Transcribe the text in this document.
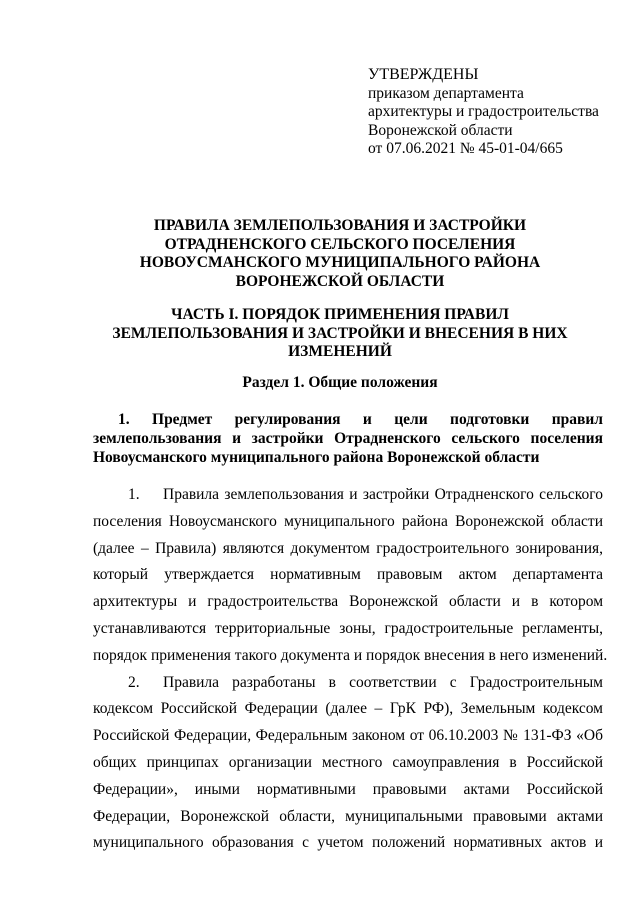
УТВЕРЖДЕНЫ
приказом департамента
архитектуры и градостроительства
Воронежской области
от 07.06.2021 № 45-01-04/665
ПРАВИЛА ЗЕМЛЕПОЛЬЗОВАНИЯ И ЗАСТРОЙКИ
ОТРАДНЕНСКОГО СЕЛЬСКОГО ПОСЕЛЕНИЯ
НОВОУСМАНСКОГО МУНИЦИПАЛЬНОГО РАЙОНА
ВОРОНЕЖСКОЙ ОБЛАСТИ
ЧАСТЬ I. ПОРЯДОК ПРИМЕНЕНИЯ ПРАВИЛ
ЗЕМЛЕПОЛЬЗОВАНИЯ И ЗАСТРОЙКИ И ВНЕСЕНИЯ В НИХ
ИЗМЕНЕНИЙ
Раздел 1. Общие положения
1. Предмет регулирования и цели подготовки правил
землепользования и застройки Отрадненского сельского поселения
Новоусманского муниципального района Воронежской области
1. Правила землепользования и застройки Отрадненского сельского
поселения Новоусманского муниципального района Воронежской области
(далее – Правила) являются документом градостроительного зонирования,
который утверждается нормативным правовым актом департамента
архитектуры и градостроительства Воронежской области и в котором
устанавливаются территориальные зоны, градостроительные регламенты,
порядок применения такого документа и порядок внесения в него изменений.
2. Правила разработаны в соответствии с Градостроительным
кодексом Российской Федерации (далее – ГрК РФ), Земельным кодексом
Российской Федерации, Федеральным законом от 06.10.2003 № 131-ФЗ «Об
общих принципах организации местного самоуправления в Российской
Федерации», иными нормативными правовыми актами Российской
Федерации, Воронежской области, муниципальными правовыми актами
муниципального образования с учетом положений нормативных актов и
